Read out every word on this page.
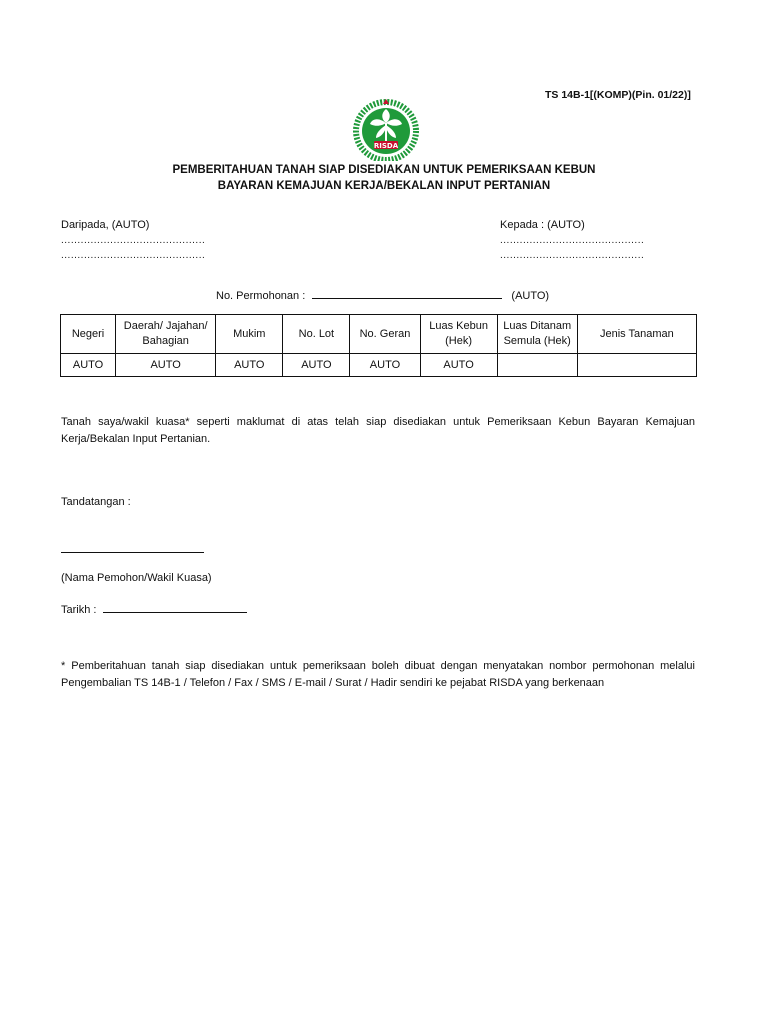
TS 14B-1[(KOMP)(Pin. 01/22)]
RISDA
PEMBERITAHUAN TANAH SIAP DISEDIAKAN UNTUK PEMERIKSAAN KEBUN
BAYARAN KEMAJUAN KERJA/BEKALAN INPUT PERTANIAN
Daripada, (AUTO)
............................................
............................................
Kepada : (AUTO)
............................................
............................................
No. Permohonan :	(AUTO)
Negeri	Daerah/ Jajahan/ Bahagian	Mukim	No. Lot	No. Geran	Luas Kebun (Hek)	Luas Ditanam Semula (Hek)	Jenis Tanaman
AUTO	AUTO	AUTO	AUTO	AUTO	AUTO		
Tanah saya/wakil kuasa* seperti maklumat di atas telah siap disediakan untuk Pemeriksaan Kebun Bayaran Kemajuan Kerja/Bekalan Input Pertanian.
Tandatangan :
(Nama Pemohon/Wakil Kuasa)
Tarikh :
* Pemberitahuan tanah siap disediakan untuk pemeriksaan boleh dibuat dengan menyatakan nombor permohonan melalui Pengembalian TS 14B-1 / Telefon / Fax / SMS / E-mail / Surat / Hadir sendiri ke pejabat RISDA yang berkenaan
